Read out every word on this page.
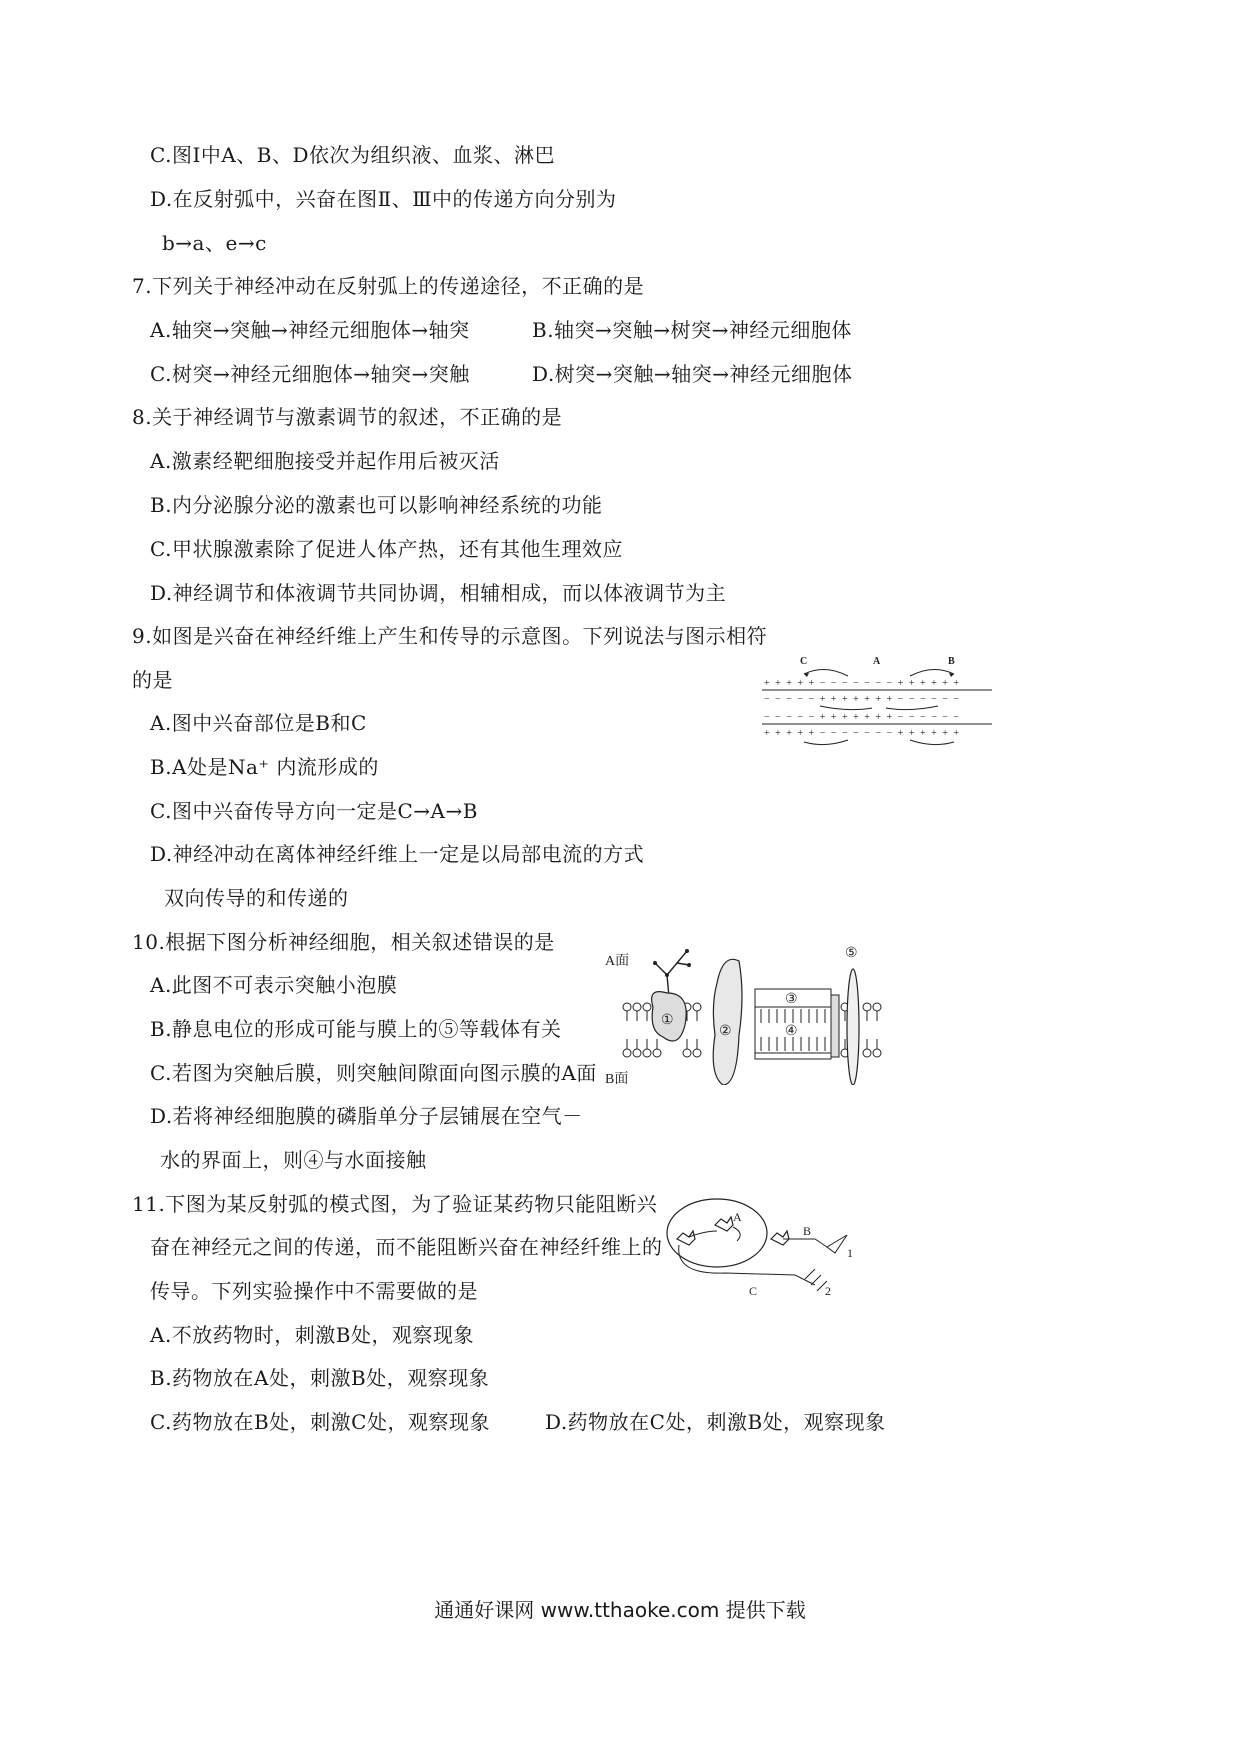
C.图Ⅰ中A、B、D依次为组织液、血浆、淋巴
D.在反射弧中，兴奋在图Ⅱ、Ⅲ中的传递方向分别为
b→a、e→c
7.下列关于神经冲动在反射弧上的传递途径，不正确的是
A.轴突→突触→神经元细胞体→轴突	B.轴突→突触→树突→神经元细胞体
C.树突→神经元细胞体→轴突→突触	D.树突→突触→轴突→神经元细胞体
8.关于神经调节与激素调节的叙述，不正确的是
A.激素经靶细胞接受并起作用后被灭活
B.内分泌腺分泌的激素也可以影响神经系统的功能
C.甲状腺激素除了促进人体产热，还有其他生理效应
D.神经调节和体液调节共同协调，相辅相成，而以体液调节为主
9.如图是兴奋在神经纤维上产生和传导的示意图。下列说法与图示相符
的是
A.图中兴奋部位是B和C
B.A处是Na⁺ 内流形成的
C.图中兴奋传导方向一定是C→A→B
D.神经冲动在离体神经纤维上一定是以局部电流的方式
双向传导的和传递的
C	A	B
+ + + + + − − − − − − − + + + + + +
− − − − − + + + + + + + − − − − − −
− − − − − + + + + + + + − − − − − −
+ + + + + − − − − − − − + + + + + +
10.根据下图分析神经细胞，相关叙述错误的是
A.此图不可表示突触小泡膜
B.静息电位的形成可能与膜上的⑤等载体有关
C.若图为突触后膜，则突触间隙面向图示膜的A面
D.若将神经细胞膜的磷脂单分子层铺展在空气－
水的界面上，则④与水面接触
A面
B面
①
②
③
④
⑤
11.下图为某反射弧的模式图，为了验证某药物只能阻断兴
奋在神经元之间的传递，而不能阻断兴奋在神经纤维上的
传导。下列实验操作中不需要做的是
A.不放药物时，刺激B处，观察现象
B.药物放在A处，刺激B处，观察现象
C.药物放在B处，刺激C处，观察现象	D.药物放在C处，刺激B处，观察现象
A
B
C
1
2
通通好课网 www.tthaoke.com 提供下载
